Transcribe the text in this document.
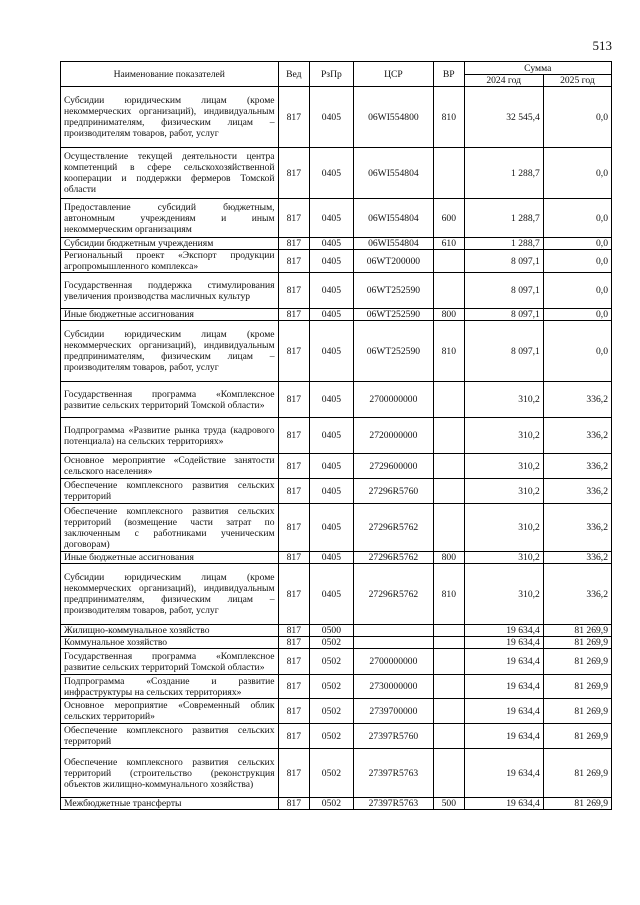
513
Наименование показателей	Вед	РзПр	ЦСР	ВР	Сумма	
					2024 год	2025 год
Субсидии юридическим лицам (кроме некоммерческих организаций), индивидуальным предпринимателям, физическим лицам – производителям товаров, работ, услуг	817	0405	06WI554800	810	32 545,4	0,0
Осуществление текущей деятельности центра компетенций в сфере сельскохозяйственной кооперации и поддержки фермеров Томской области	817	0405	06WI554804		1 288,7	0,0
Предоставление субсидий бюджетным, автономным учреждениям и иным некоммерческим организациям	817	0405	06WI554804	600	1 288,7	0,0
Субсидии бюджетным учреждениям	817	0405	06WI554804	610	1 288,7	0,0
Региональный проект «Экспорт продукции агропромышленного комплекса»	817	0405	06WT200000		8 097,1	0,0
Государственная поддержка стимулирования увеличения производства масличных культур	817	0405	06WT252590		8 097,1	0,0
Иные бюджетные ассигнования	817	0405	06WT252590	800	8 097,1	0,0
Субсидии юридическим лицам (кроме некоммерческих организаций), индивидуальным предпринимателям, физическим лицам – производителям товаров, работ, услуг	817	0405	06WT252590	810	8 097,1	0,0
Государственная программа «Комплексное развитие сельских территорий Томской области»	817	0405	2700000000		310,2	336,2
Подпрограмма «Развитие рынка труда (кадрового потенциала) на сельских территориях»	817	0405	2720000000		310,2	336,2
Основное мероприятие «Содействие занятости сельского населения»	817	0405	2729600000		310,2	336,2
Обеспечение комплексного развития сельских территорий	817	0405	27296R5760		310,2	336,2
Обеспечение комплексного развития сельских территорий (возмещение части затрат по заключенным с работниками ученическим договорам)	817	0405	27296R5762		310,2	336,2
Иные бюджетные ассигнования	817	0405	27296R5762	800	310,2	336,2
Субсидии юридическим лицам (кроме некоммерческих организаций), индивидуальным предпринимателям, физическим лицам – производителям товаров, работ, услуг	817	0405	27296R5762	810	310,2	336,2
Жилищно-коммунальное хозяйство	817	0500			19 634,4	81 269,9
Коммунальное хозяйство	817	0502			19 634,4	81 269,9
Государственная программа «Комплексное развитие сельских территорий Томской области»	817	0502	2700000000		19 634,4	81 269,9
Подпрограмма «Создание и развитие инфраструктуры на сельских территориях»	817	0502	2730000000		19 634,4	81 269,9
Основное мероприятие «Современный облик сельских территорий»	817	0502	2739700000		19 634,4	81 269,9
Обеспечение комплексного развития сельских территорий	817	0502	27397R5760		19 634,4	81 269,9
Обеспечение комплексного развития сельских территорий (строительство (реконструкция объектов жилищно-коммунального хозяйства)	817	0502	27397R5763		19 634,4	81 269,9
Межбюджетные трансферты	817	0502	27397R5763	500	19 634,4	81 269,9
